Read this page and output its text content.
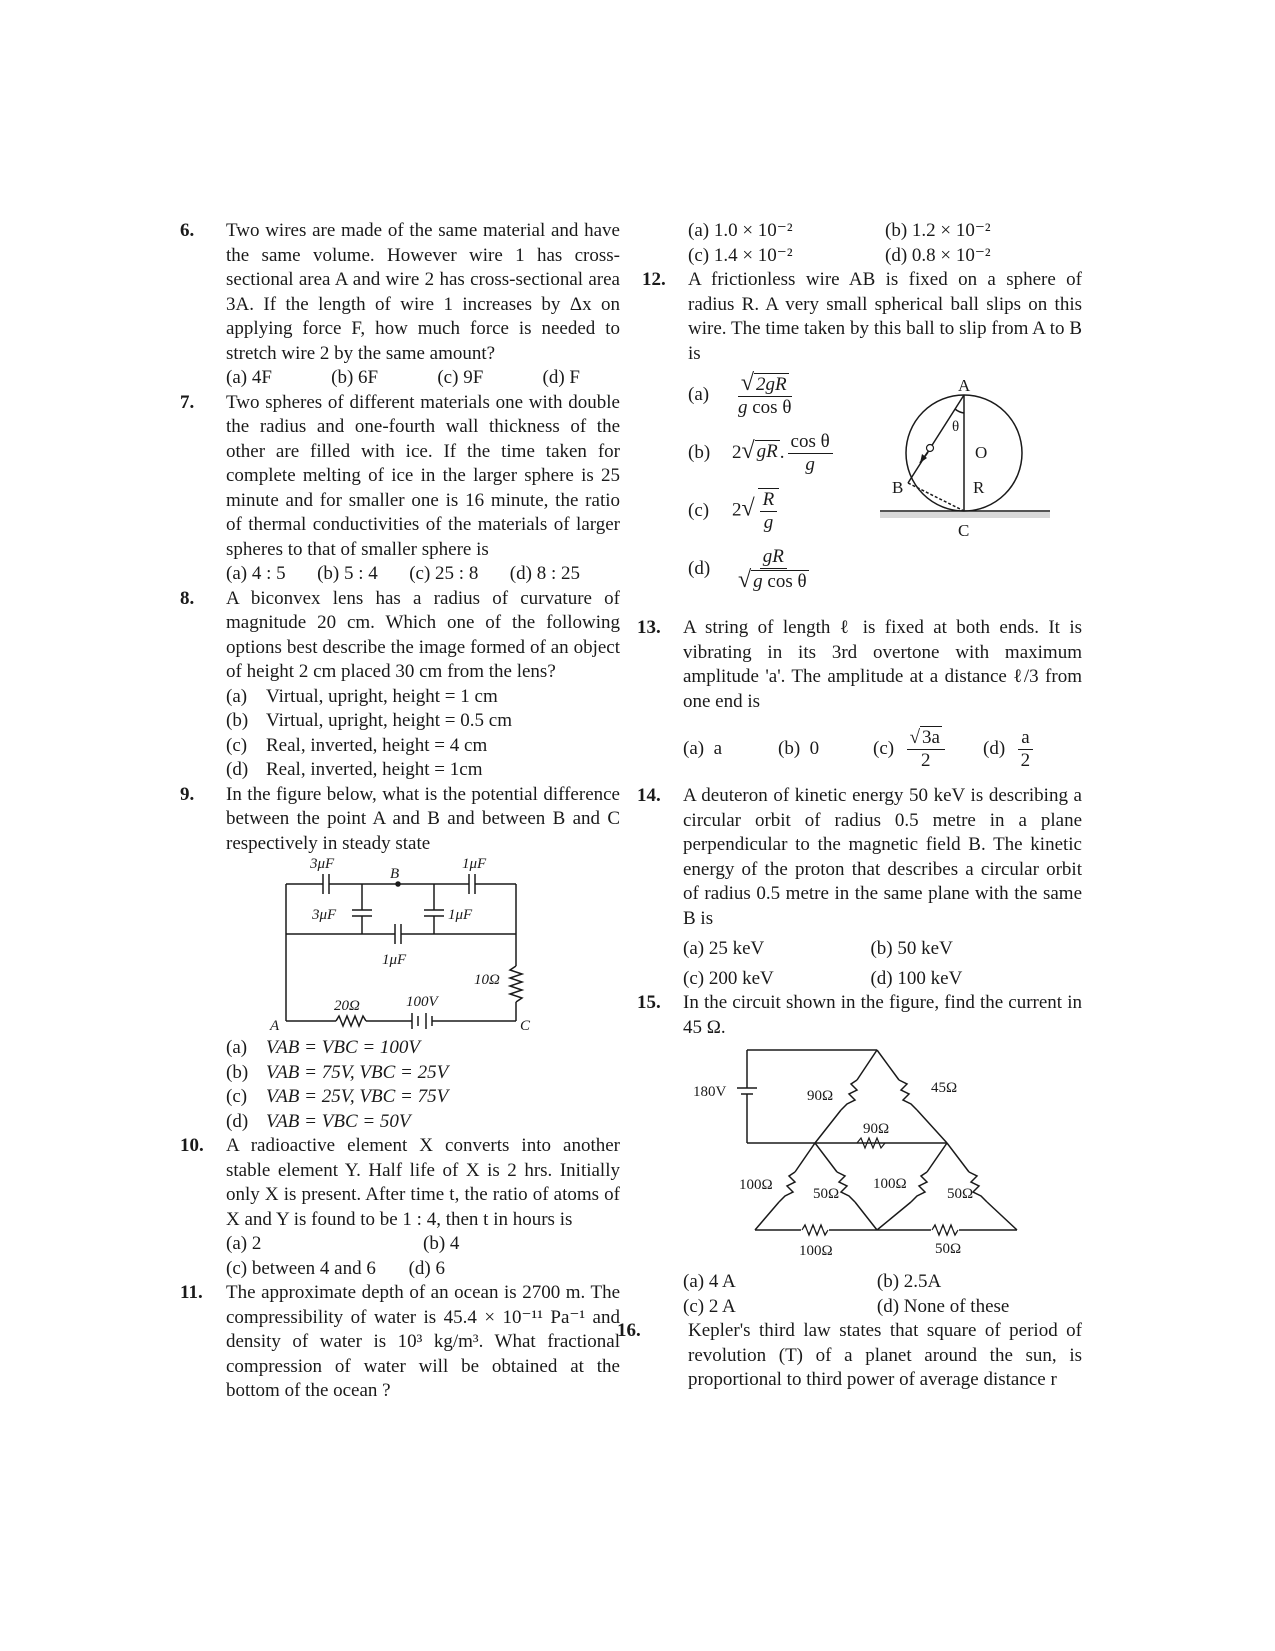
6. Two wires are made of the same material and have the same volume. However wire 1 has cross-sectional area A and wire 2 has cross-sectional area 3A. If the length of wire 1 increases by Δx on applying force F, how much force is needed to stretch wire 2 by the same amount?
(a) 4F	(b) 6F	(c) 9F	(d) F
7. Two spheres of different materials one with double the radius and one-fourth wall thickness of the other are filled with ice. If the time taken for complete melting of ice in the larger sphere is 25 minute and for smaller one is 16 minute, the ratio of thermal conductivities of the materials of larger spheres to that of smaller sphere is
(a) 4 : 5 (b) 5 : 4 (c) 25 : 8 (d) 8 : 25
8. A biconvex lens has a radius of curvature of magnitude 20 cm. Which one of the following options best describe the image formed of an object of height 2 cm placed 30 cm from the lens?
(a) Virtual, upright, height = 1 cm
(b) Virtual, upright, height = 0.5 cm
(c) Real, inverted, height = 4 cm
(d) Real, inverted, height = 1cm
9. In the figure below, what is the potential difference between the point A and B and between B and C respectively in steady state
3μF	1μF
B
3μF	1μF
1μF
10Ω
20Ω	100V
A	C
(a) VAB = VBC = 100V
(b) VAB = 75V, VBC = 25V
(c) VAB = 25V, VBC = 75V
(d) VAB = VBC = 50V
10. A radioactive element X converts into another stable element Y. Half life of X is 2 hrs. Initially only X is present. After time t, the ratio of atoms of X and Y is found to be 1 : 4, then t in hours is
(a) 2	(b) 4
(c) between 4 and 6	(d) 6
11. The approximate depth of an ocean is 2700 m. The compressibility of water is 45.4 × 10⁻¹¹ Pa⁻¹ and density of water is 10³ kg/m³. What fractional compression of water will be obtained at the bottom of the ocean ?
(a) 1.0 × 10⁻²	(b) 1.2 × 10⁻²
(c) 1.4 × 10⁻²	(d) 0.8 × 10⁻²
12. A frictionless wire AB is fixed on a sphere of radius R. A very small spherical ball slips on this wire. The time taken by this ball to slip from A to B is
(a)	$\frac{√ 2gR}{\text{g cos θ}}$
(b)	2√ gR . $\frac{\text{cos θ}}{g}$
(c)	$2√ \frac{R}{g}$
(d)	$\frac{gR}{\text{√ g cos θ}}$
A
θ
O
R
B
C
13. A string of length ℓ is fixed at both ends. It is vibrating in its 3rd overtone with maximum amplitude 'a'. The amplitude at a distance ℓ/3 from one end is
(a) a	(b) 0	$(c) \frac{√ 3a}{2} (d) \frac{a}{2}$
14. A deuteron of kinetic energy 50 keV is describing a circular orbit of radius 0.5 metre in a plane perpendicular to the magnetic field B. The kinetic energy of the proton that describes a circular orbit of radius 0.5 metre in the same plane with the same B is
(a) 25 keV	(b) 50 keV
(c) 200 keV	(d) 100 keV
15. In the circuit shown in the figure, find the current in 45 Ω.
180V	90Ω	45Ω
90Ω
100Ω
50Ω
100Ω
50Ω
100Ω	50Ω
(a) 4 A	(b) 2.5A
(c) 2 A	(d) None of these
16. Kepler's third law states that square of period of revolution (T) of a planet around the sun, is proportional to third power of average distance r
